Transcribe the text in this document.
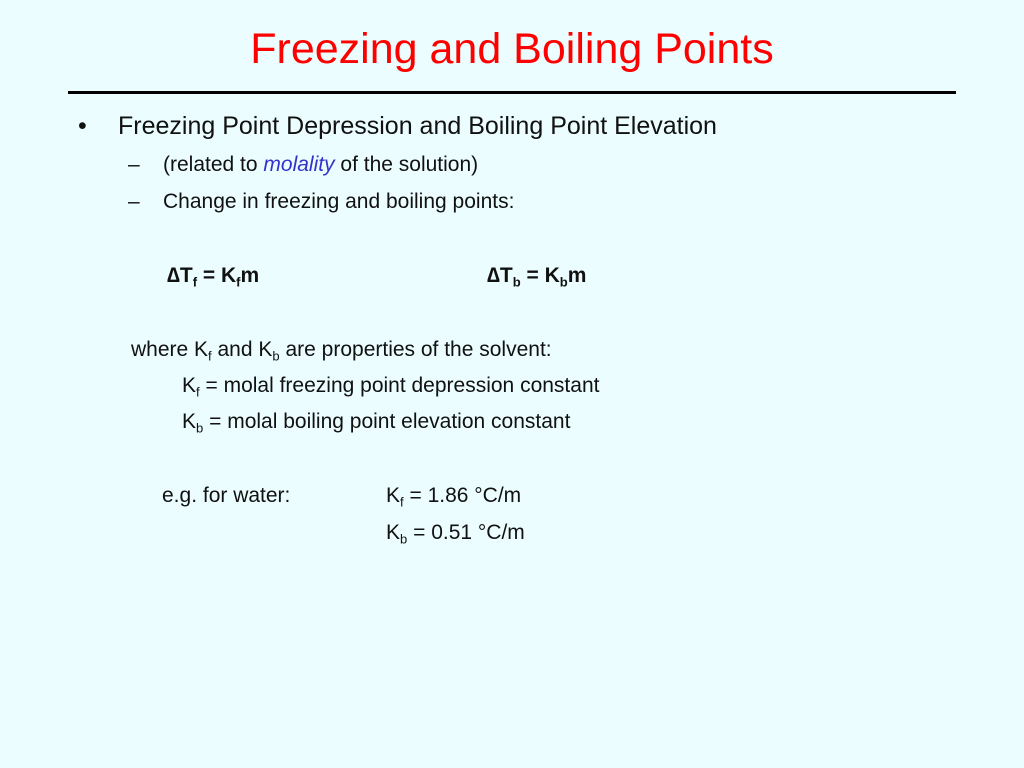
Freezing and Boiling Points
• Freezing Point Depression and Boiling Point Elevation
– (related to molality of the solution)
– Change in freezing and boiling points:
$\Delta T_f = K_fm$	$\Delta T_b = K_bm$
where $K_f$ and $K_b$ are properties of the solvent:
$K_f$ = molal freezing point depression constant
$K_b$ = molal boiling point elevation constant
e.g. for water:	$K_f = 1.86$ °C/m
$K_b = 0.51$ °C/m
